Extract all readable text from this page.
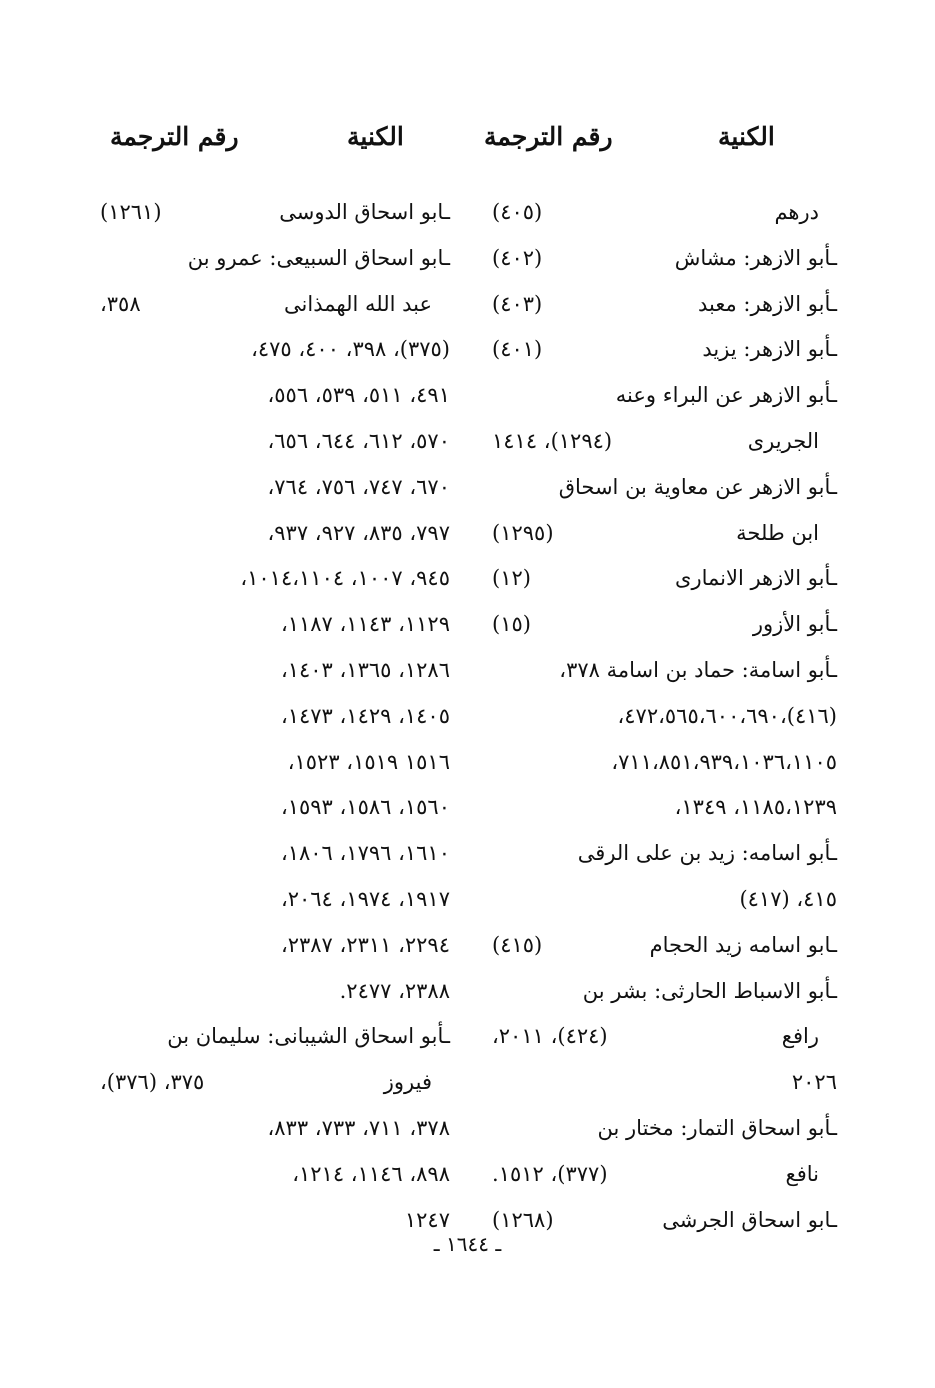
الكنية
رقم الترجمة
الكنية
رقم الترجمة
درهم
(٤٠٥)
ـأبو الازهر: مشاش
(٤٠٢)
ـأبو الازهر: معبد
(٤٠٣)
ـأبو الازهر: يزيد
(٤٠١)
ـأبو الازهر عن البراء وعنه
الجريرى
(١٢٩٤)، ١٤١٤
ـأبو الازهر عن معاوية بن اسحاق
ابن طلحة
(١٢٩٥)
ـأبو الازهر الانمارى
(١٢)
ـأبو الأزور
(١٥)
ـأبو اسامة: حماد بن اسامة ٣٧٨،
(٤١٦)،٤٧٢،٥٦٥،٦٠٠،٦٩٠،
٧١١،٨٥١،٩٣٩،١٠٣٦،١١٠٥،
١١٨٥،١٢٣٩، ١٣٤٩،
ـأبو اسامه: زيد بن على الرقى
٤١٥، (٤١٧)
ـابو اسامه زيد الحجام
(٤١٥)
ـأبو الاسباط الحارثى: بشر بن
رافع
(٤٢٤)، ٢٠١١،
٢٠٢٦
ـأبو اسحاق التمار: مختار بن
نافع
(٣٧٧)، ١٥١٢.
ـابو اسحاق الجرشى
(١٢٦٨)
ـابو اسحاق الدوسى
(١٢٦١)
ـابو اسحاق السبيعى: عمرو بن
عبد الله الهمذانى
٣٥٨،
(٣٧٥)، ٣٩٨، ٤٠٠، ٤٧٥،
٤٩١، ٥١١، ٥٣٩، ٥٥٦،
٥٧٠، ٦١٢، ٦٤٤، ٦٥٦،
٦٧٠، ٧٤٧، ٧٥٦، ٧٦٤،
٧٩٧، ٨٣٥، ٩٢٧، ٩٣٧،
٩٤٥، ١٠٠٧، ١٠١٤،١١٠٤،
١١٢٩، ١١٤٣، ١١٨٧،
١٢٨٦، ١٣٦٥، ١٤٠٣،
١٤٠٥، ١٤٢٩، ١٤٧٣،
١٥١٦ ١٥١٩، ١٥٢٣،
١٥٦٠، ١٥٨٦، ١٥٩٣،
١٦١٠، ١٧٩٦، ١٨٠٦،
١٩١٧، ١٩٧٤، ٢٠٦٤،
٢٢٩٤، ٢٣١١، ٢٣٨٧،
٢٣٨٨، ٢٤٧٧.
ـأبو اسحاق الشيبانى: سليمان بن
فيروز
٣٧٥، (٣٧٦)،
٣٧٨، ٧١١، ٧٣٣، ٨٣٣،
٨٩٨، ١١٤٦، ١٢١٤،
١٢٤٧
ـ ١٦٤٤ ـ
